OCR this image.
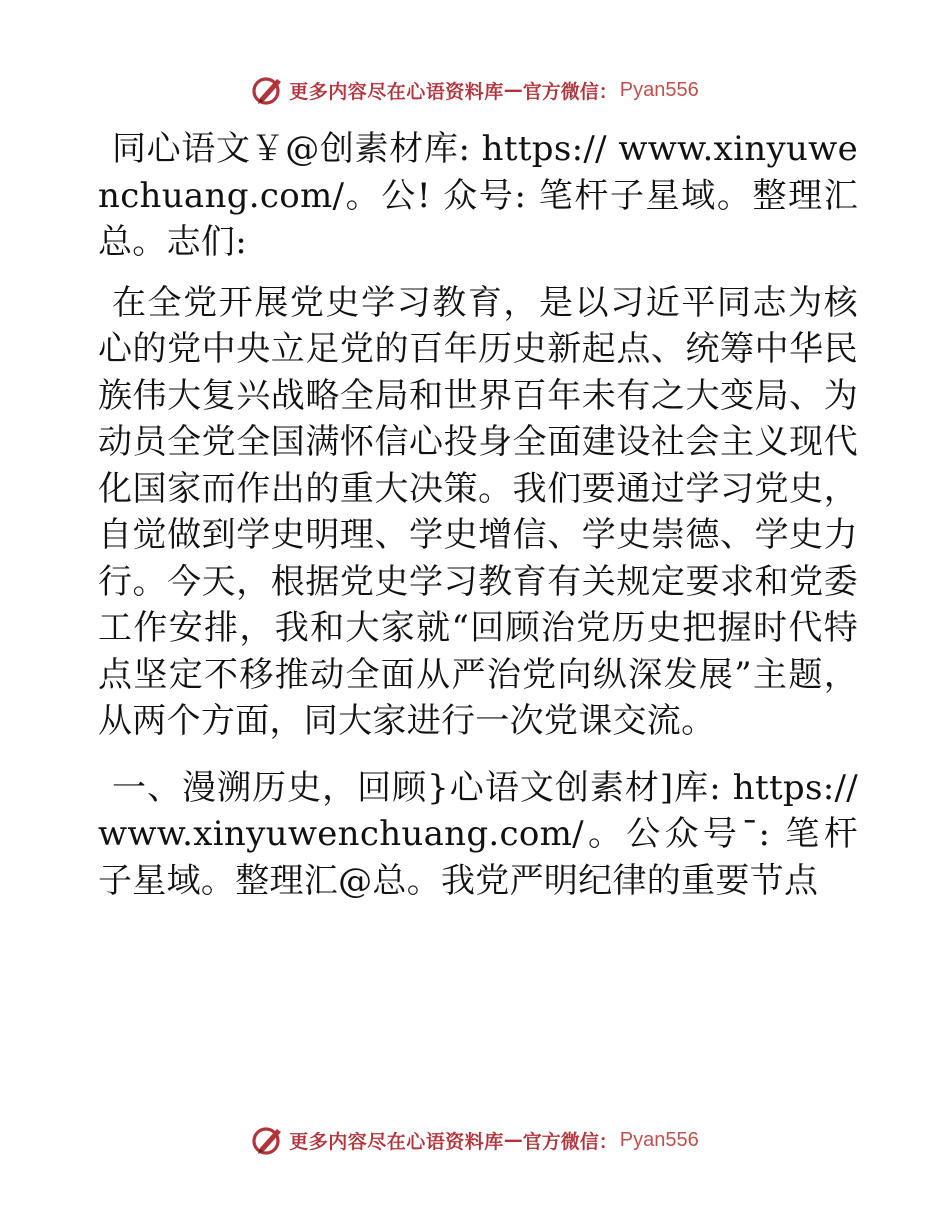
更多内容尽在心语资料库 — 官方微信： Pyan556

同心语文￥@创素材库: https:// www.xinyuwenchuang.com/。公! 众号: 笔杆子星域。整理汇总。志们:

在全党开展党史学习教育，是以习近平同志为核心的党中央立足党的百年历史新起点、统筹中华民族伟大复兴战略全局和世界百年未有之大变局、为动员全党全国满怀信心投身全面建设社会主义现代化国家而作出的重大决策。我们要通过学习党史，自觉做到学史明理、学史增信、学史崇德、学史力行。今天，根据党史学习教育有关规定要求和党委工作安排，我和大家就“回顾治党历史把握时代特点坚定不移推动全面从严治党向纵深发展”主题，从两个方面，同大家进行一次党课交流。

一、漫溯历史，回顾}心语文创素材]库: https://www.xinyuwenchuang.com/。公众号¯: 笔杆子星域。整理汇@总。我党严明纪律的重要节点

更多内容尽在心语资料库 — 官方微信： Pyan556
